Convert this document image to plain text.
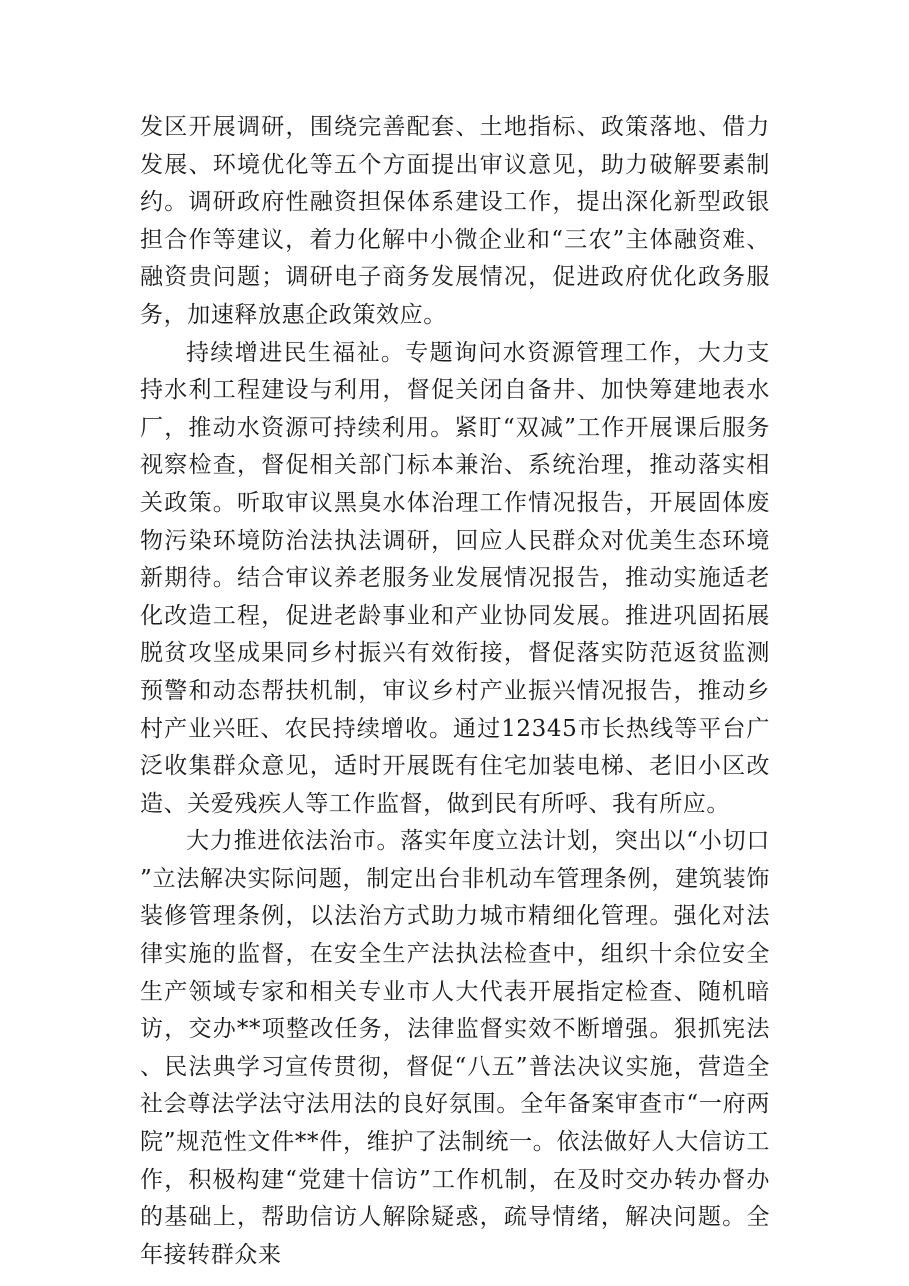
发区开展调研，围绕完善配套、土地指标、政策落地、借力发展、环境优化等五个方面提出审议意见，助力破解要素制约。调研政府性融资担保体系建设工作，提出深化新型政银担合作等建议，着力化解中小微企业和“三农”主体融资难、融资贵问题；调研电子商务发展情况，促进政府优化政务服务，加速释放惠企政策效应。

持续增进民生福祉。专题询问水资源管理工作，大力支持水利工程建设与利用，督促关闭自备井、加快筹建地表水厂，推动水资源可持续利用。紧盯“双减”工作开展课后服务视察检查，督促相关部门标本兼治、系统治理，推动落实相关政策。听取审议黑臭水体治理工作情况报告，开展固体废物污染环境防治法执法调研，回应人民群众对优美生态环境新期待。结合审议养老服务业发展情况报告，推动实施适老化改造工程，促进老龄事业和产业协同发展。推进巩固拓展脱贫攻坚成果同乡村振兴有效衔接，督促落实防范返贫监测预警和动态帮扶机制，审议乡村产业振兴情况报告，推动乡村产业兴旺、农民持续增收。通过12345市长热线等平台广泛收集群众意见，适时开展既有住宅加装电梯、老旧小区改造、关爱残疾人等工作监督，做到民有所呼、我有所应。

大力推进依法治市。落实年度立法计划，突出以“小切口”立法解决实际问题，制定出台非机动车管理条例，建筑装饰装修管理条例，以法治方式助力城市精细化管理。强化对法律实施的监督，在安全生产法执法检查中，组织十余位安全生产领域专家和相关专业市人大代表开展指定检查、随机暗访，交办**项整改任务，法律监督实效不断增强。狠抓宪法、民法典学习宣传贯彻，督促“八五”普法决议实施，营造全社会尊法学法守法用法的良好氛围。全年备案审查市“一府两院”规范性文件**件，维护了法制统一。依法做好人大信访工作，积极构建“党建十信访”工作机制，在及时交办转办督办的基础上，帮助信访人解除疑惑，疏导情绪，解决问题。全年接转群众来
